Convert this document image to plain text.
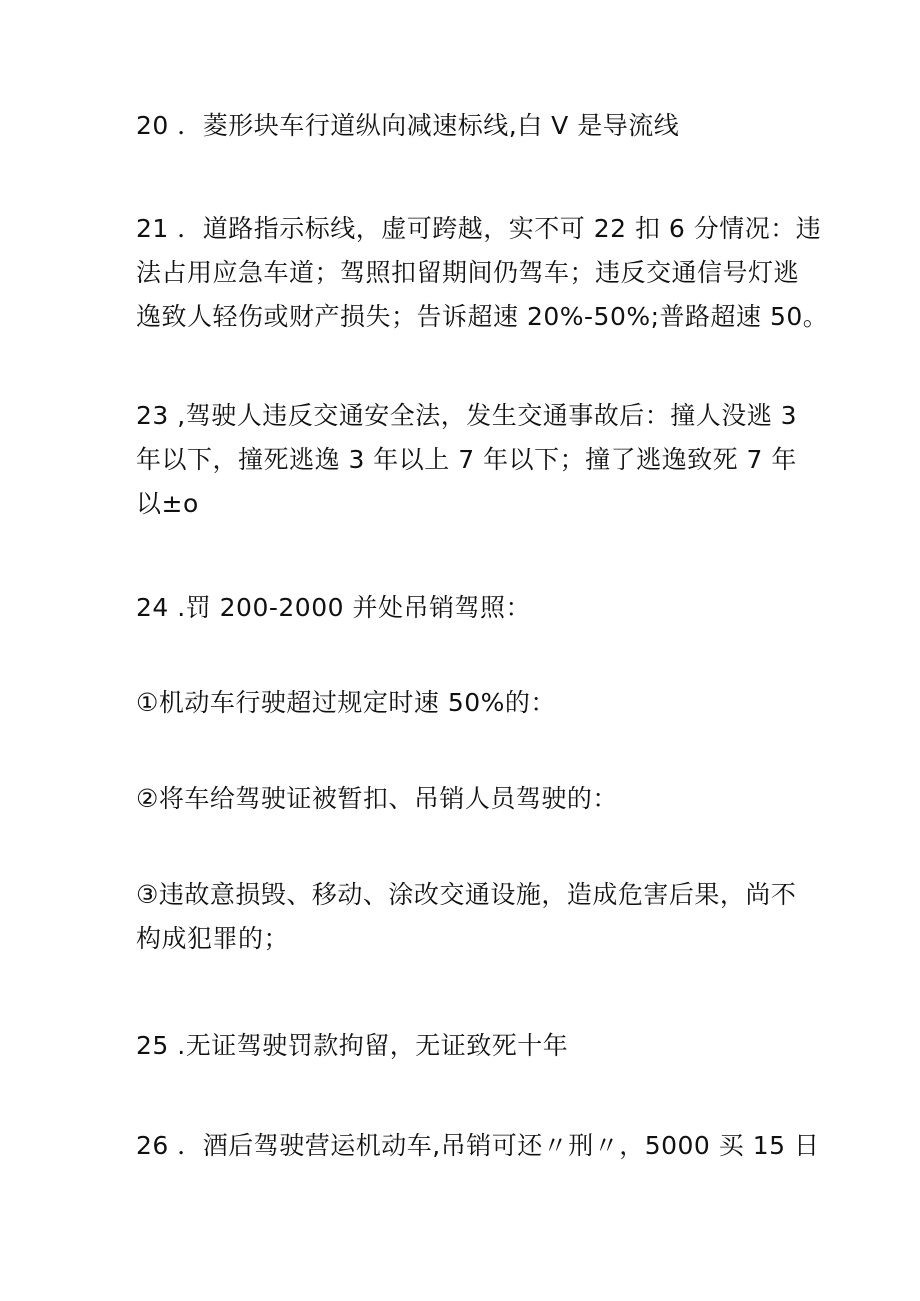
20 ．菱形块车行道纵向减速标线,白 V 是导流线
21 ．道路指示标线，虚可跨越，实不可 22 扣 6 分情况：违
法占用应急车道；驾照扣留期间仍驾车；违反交通信号灯逃
逸致人轻伤或财产损失；告诉超速 20%-50%;普路超速 50。
23 ,驾驶人违反交通安全法，发生交通事故后：撞人没逃 3
年以下，撞死逃逸 3 年以上 7 年以下；撞了逃逸致死 7 年
以±o
24 .罚 200-2000 并处吊销驾照：
①机动车行驶超过规定时速 50%的：
②将车给驾驶证被暂扣、吊销人员驾驶的：
③违故意损毁、移动、涂改交通设施，造成危害后果，尚不
构成犯罪的；
25 .无证驾驶罚款拘留，无证致死十年
26 ．酒后驾驶营运机动车,吊销可还〃刑〃，5000 买 15 日
